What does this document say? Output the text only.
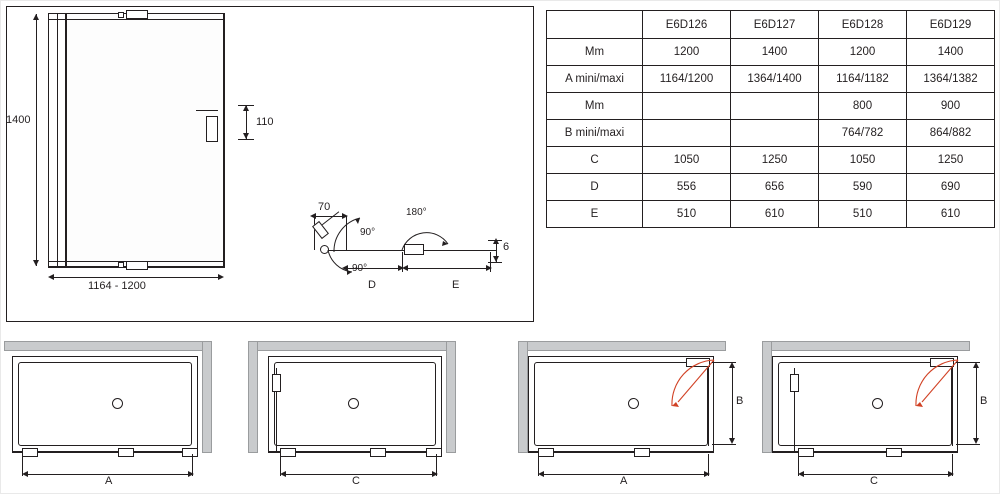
1400	110
1164 - 1200
70
90°
180°
6
D	E
	E6D126	E6D127	E6D128	E6D129
Mm	1200	1400	1200	1400
A mini/maxi	1164/1200	1364/1400	1164/1182	1364/1382
Mm			800	900
B mini/maxi			764/782	864/882
C	1050	1250	1050	1250
D	556	656	590	690
E	510	610	510	610
A	C
B
A
B
C
